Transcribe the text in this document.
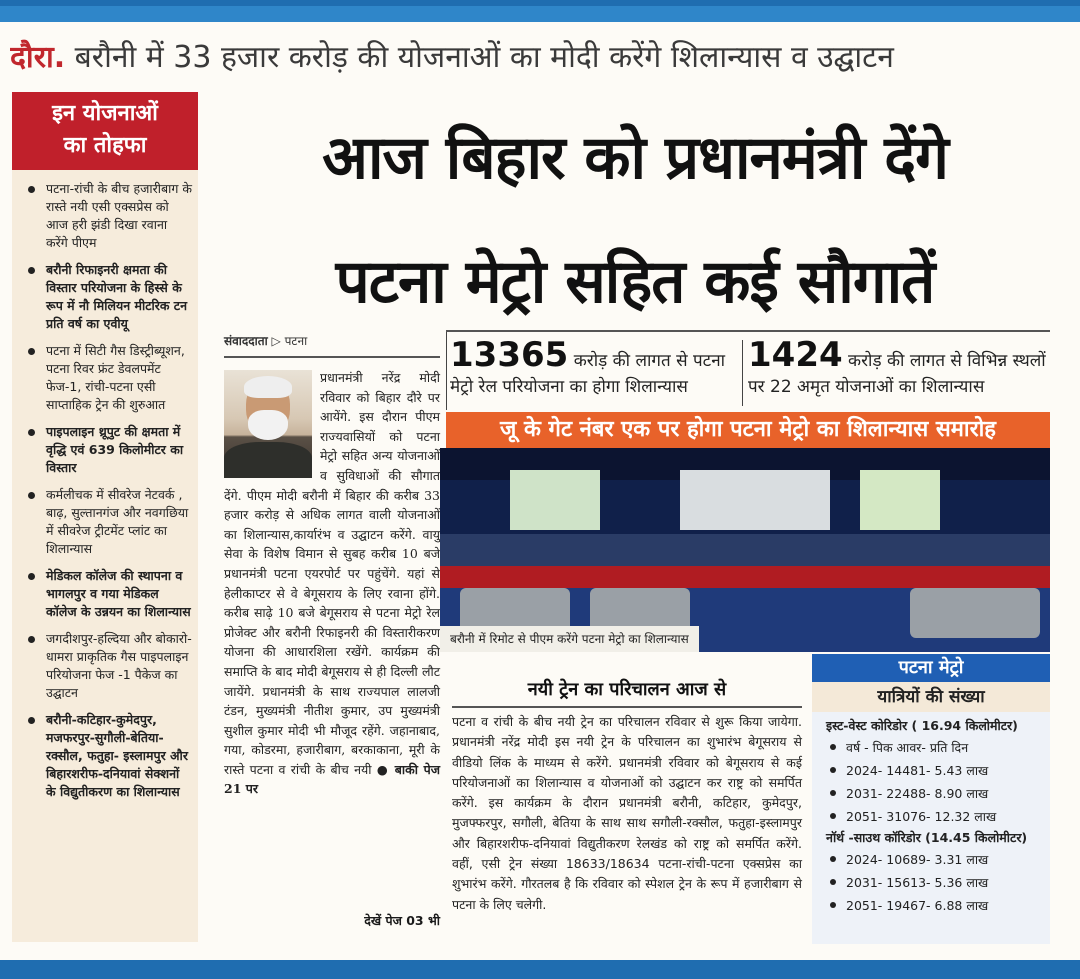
दौरा. बरौनी में 33 हजार करोड़ की योजनाओं का मोदी करेंगे शिलान्यास व उद्घाटन
आज बिहार को प्रधानमंत्री देंगे
पटना मेट्रो सहित कई सौगातें
इन योजनाओं
का तोहफा
पटना-रांची के बीच हजारीबाग के रास्ते नयी एसी एक्सप्रेस को आज हरी झंडी दिखा रवाना करेंगे पीएम
बरौनी रिफाइनरी क्षमता की विस्तार परियोजना के हिस्से के रूप में नौ मिलियन मीटरिक टन प्रति वर्ष का एवीयू
पटना में सिटी गैस डिस्ट्रीब्यूशन, पटना रिवर फ्रंट डेवलपमेंट फेज-1, रांची-पटना एसी साप्ताहिक ट्रेन की शुरुआत
पाइपलाइन थ्रूपुट की क्षमता में वृद्धि एवं 639 किलोमीटर का विस्तार
कर्मलीचक में सीवरेज नेटवर्क , बाढ़, सुल्तानगंज और नवगछिया में सीवरेज ट्रीटमेंट प्लांट का शिलान्यास
मेडिकल कॉलेज की स्थापना व भागलपुर व गया मेडिकल कॉलेज के उन्नयन का शिलान्यास
जगदीशपुर-हल्दिया और बोकारो-धामरा प्राकृतिक गैस पाइपलाइन परियोजना फेज -1 पैकेज का उद्घाटन
बरौनी-कटिहार-कुमेदपुर, मजफरपुर-सुगौली-बेतिया-रक्सौल, फतुहा- इस्लामपुर और बिहारशरीफ-दनियावां सेक्शनों के विद्युतीकरण का शिलान्यास
संवाददाता ▷ पटना
प्रधानमंत्री नरेंद्र मोदी रविवार को बिहार दौरे पर आयेंगे. इस दौरान पीएम राज्यवासियों को पटना मेट्रो सहित अन्य योजनाओं व सुविधाओं की सौगात देंगे. पीएम मोदी बरौनी में बिहार की करीब 33 हजार करोड़ से अधिक लागत वाली योजनाओं का शिलान्यास,कार्यारंभ व उद्घाटन करेंगे. वायु सेवा के विशेष विमान से सुबह करीब 10 बजे प्रधानमंत्री पटना एयरपोर्ट पर पहुंचेंगे. यहां से हेलीकाप्टर से वे बेगूसराय के लिए रवाना होंगे. करीब साढ़े 10 बजे बेगूसराय से पटना मेट्रो रेल प्रोजेक्ट और बरौनी रिफाइनरी की विस्तारीकरण योजना की आधारशिला रखेंगे. कार्यक्रम की समाप्ति के बाद मोदी बेगूसराय से ही दिल्ली लौट जायेंगे. प्रधानमंत्री के साथ राज्यपाल लालजी टंडन, मुख्यमंत्री नीतीश कुमार, उप मुख्यमंत्री सुशील कुमार मोदी भी मौजूद रहेंगे. जहानाबाद, गया, कोडरमा, हजारीबाग, बरकाकाना, मूरी के रास्ते पटना व रांची के बीच नयी ● बाकी पेज 21 पर
देखें पेज 03 भी
13365 करोड़ की लागत से पटना
मेट्रो रेल परियोजना का होगा शिलान्यास
1424 करोड़ की लागत से विभिन्न स्थलों
पर 22 अमृत योजनाओं का शिलान्यास
जू के गेट नंबर एक पर होगा पटना मेट्रो का शिलान्यास समारोह
बरौनी में रिमोट से पीएम करेंगे पटना मेट्रो का शिलान्यास
नयी ट्रेन का परिचालन आज से
पटना व रांची के बीच नयी ट्रेन का परिचालन रविवार से शुरू किया जायेगा. प्रधानमंत्री नरेंद्र मोदी इस नयी ट्रेन के परिचालन का शुभारंभ बेगूसराय से वीडियो लिंक के माध्यम से करेंगे. प्रधानमंत्री रविवार को बेगूसराय से कई परियोजनाओं का शिलान्यास व योजनाओं को उद्घाटन कर राष्ट्र को समर्पित करेंगे. इस कार्यक्रम के दौरान प्रधानमंत्री बरौनी, कटिहार, कुमेदपुर, मुजफ्फरपुर, सगौली, बेतिया के साथ साथ सगौली-रक्सौल, फतुहा-इस्लामपुर और बिहारशरीफ-दनियावां विद्युतीकरण रेलखंड को राष्ट्र को समर्पित करेंगे. वहीं, एसी ट्रेन संख्या 18633/18634 पटना-रांची-पटना एक्सप्रेस का शुभारंभ करेंगे. गौरतलब है कि रविवार को स्पेशल ट्रेन के रूप में हजारीबाग से पटना के लिए चलेगी.
पटना मेट्रो
यात्रियों की संख्या
इस्ट-वेस्ट कोरिडोर ( 16.94 किलोमीटर)
वर्ष - पिक आवर- प्रति दिन
2024- 14481- 5.43 लाख
2031- 22488- 8.90 लाख
2051- 31076- 12.32 लाख
नॉर्थ -साउथ कॉरिडोर (14.45 किलोमीटर)
2024- 10689- 3.31 लाख
2031- 15613- 5.36 लाख
2051- 19467- 6.88 लाख
